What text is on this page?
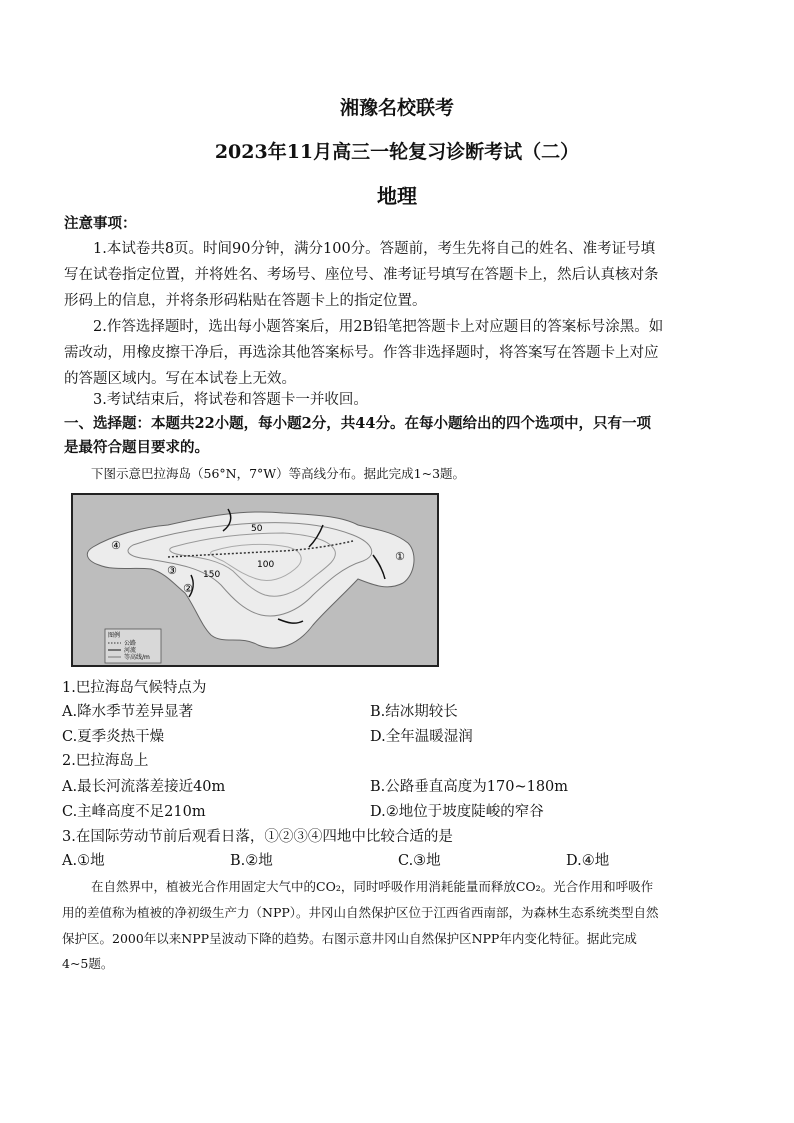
湘豫名校联考
2023年11月高三一轮复习诊断考试（二）
地理
注意事项：
1.本试卷共8页。时间90分钟，满分100分。答题前，考生先将自己的姓名、准考证号填
写在试卷指定位置，并将姓名、考场号、座位号、准考证号填写在答题卡上，然后认真核对条
形码上的信息，并将条形码粘贴在答题卡上的指定位置。
2.作答选择题时，选出每小题答案后，用2B铅笔把答题卡上对应题目的答案标号涂黑。如
需改动，用橡皮擦干净后，再选涂其他答案标号。作答非选择题时，将答案写在答题卡上对应
的答题区域内。写在本试卷上无效。
3.考试结束后，将试卷和答题卡一并收回。
一、选择题：本题共22小题，每小题2分，共44分。在每小题给出的四个选项中，只有一项
是最符合题目要求的。
下图示意巴拉海岛（56°N，7°W）等高线分布。据此完成1~3题。
50
100
150
①
②
③
④
图例
公路
河流
等高线/m
1.巴拉海岛气候特点为
A.降水季节差异显著	B.结冰期较长
C.夏季炎热干燥	D.全年温暖湿润
2.巴拉海岛上
A.最长河流落差接近40m	B.公路垂直高度为170~180m
C.主峰高度不足210m	D.②地位于坡度陡峻的窄谷
3.在国际劳动节前后观看日落，①②③④四地中比较合适的是
A.①地	B.②地	C.③地	D.④地
在自然界中，植被光合作用固定大气中的CO₂，同时呼吸作用消耗能量而释放CO₂。光合作用和呼吸作
用的差值称为植被的净初级生产力（NPP）。井冈山自然保护区位于江西省西南部，为森林生态系统类型自然
保护区。2000年以来NPP呈波动下降的趋势。右图示意井冈山自然保护区NPP年内变化特征。据此完成
4~5题。
